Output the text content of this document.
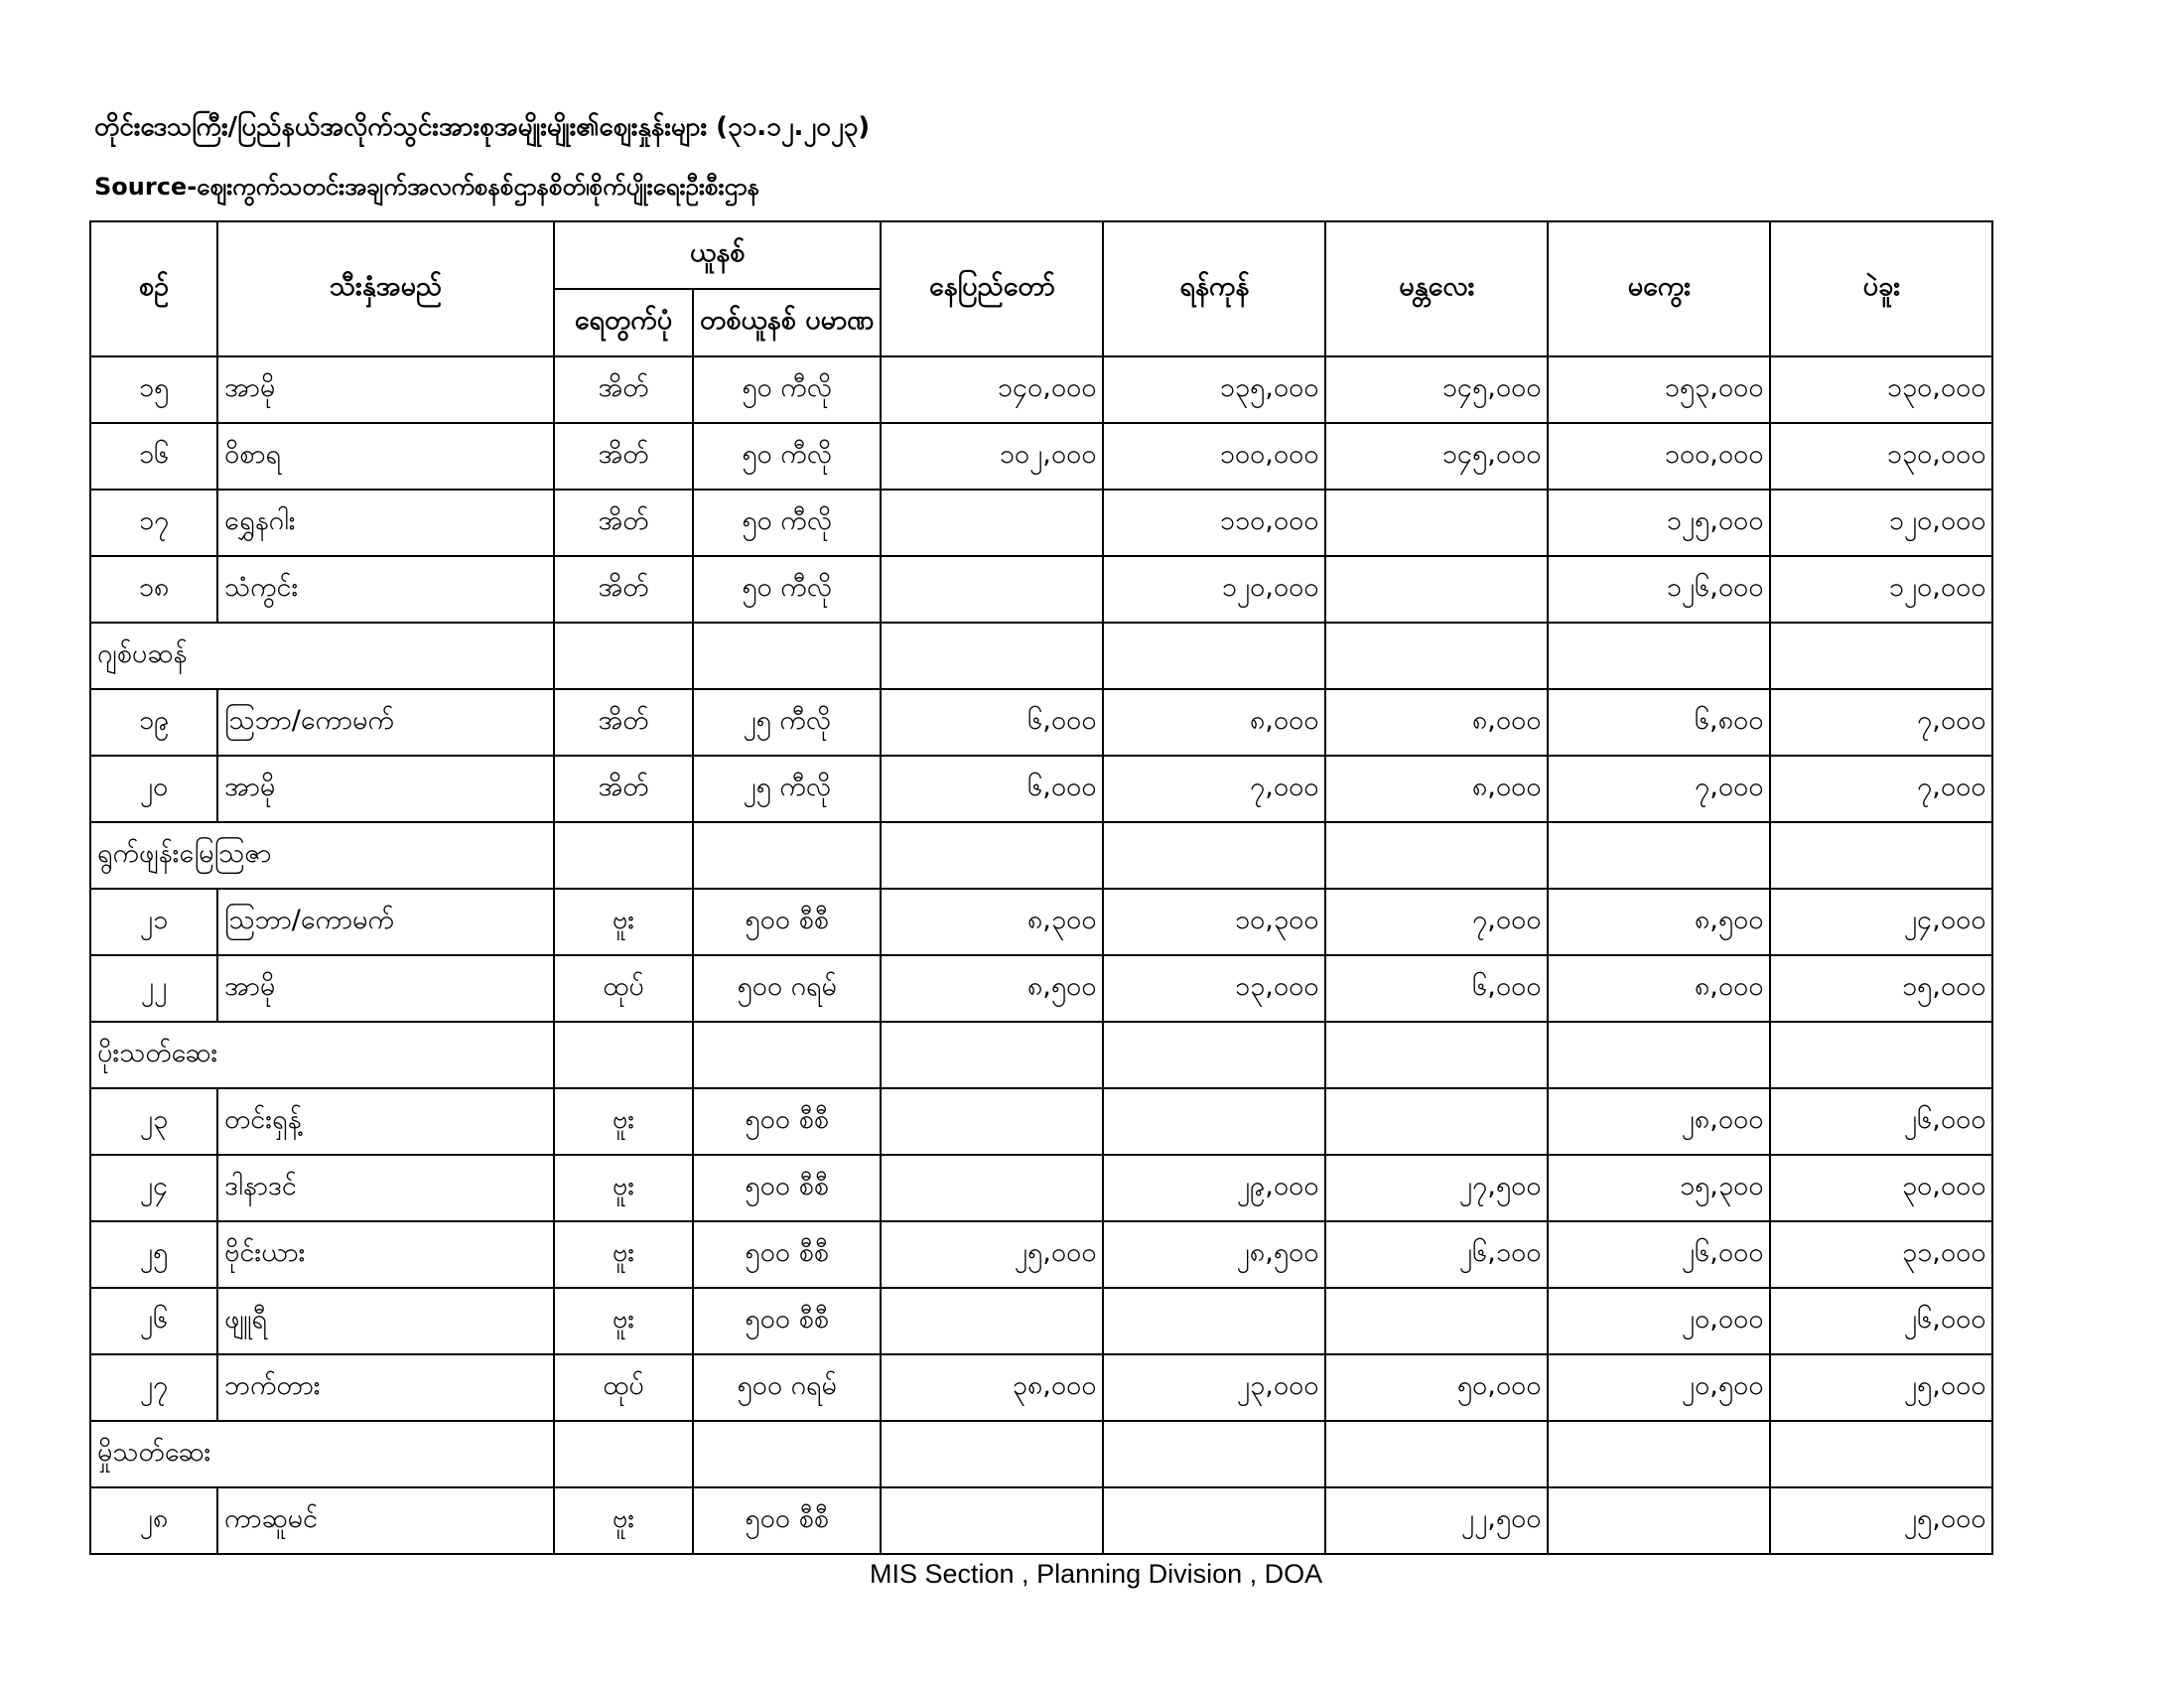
တိုင်းဒေသကြီး/ပြည်နယ်အလိုက်သွင်းအားစုအမျိုးမျိုး၏ဈေးနှုန်းများ (၃၁.၁၂.၂၀၂၃)
Source-ဈေးကွက်သတင်းအချက်အလက်စနစ်ဌာနစိတ်၊စိုက်ပျိုးရေးဦးစီးဌာန
စဉ်	သီးနှံအမည်	ယူနစ်		နေပြည်တော်	ရန်ကုန်	မန္တလေး	မကွေး	ပဲခူး
		ရေတွက်ပုံ	တစ်ယူနစ် ပမာဏ					
၁၅	အာမို	အိတ်	၅၀ ကီလို	၁၄၀,၀၀၀	၁၃၅,၀၀၀	၁၄၅,၀၀၀	၁၅၃,၀၀၀	၁၃၀,၀၀၀
၁၆	ဝိစာရ	အိတ်	၅၀ ကီလို	၁၀၂,၀၀၀	၁၀၀,၀၀၀	၁၄၅,၀၀၀	၁၀၀,၀၀၀	၁၃၀,၀၀၀
၁၇	ရွှေနဂါး	အိတ်	၅၀ ကီလို		၁၁၀,၀၀၀		၁၂၅,၀၀၀	၁၂၀,၀၀၀
၁၈	သံကွင်း	အိတ်	၅၀ ကီလို		၁၂၀,၀၀၀		၁၂၆,၀၀၀	၁၂၀,၀၀၀
ဂျစ်ပဆန်								
၁၉	သြဘာ/ကောမက်	အိတ်	၂၅ ကီလို	၆,၀၀၀	၈,၀၀၀	၈,၀၀၀	၆,၈၀၀	၇,၀၀၀
၂၀	အာမို	အိတ်	၂၅ ကီလို	၆,၀၀၀	၇,၀၀၀	၈,၀၀၀	၇,၀၀၀	၇,၀၀၀
ရွက်ဖျန်းမြေဩဇာ								
၂၁	သြဘာ/ကောမက်	ဗူး	၅၀၀ စီစီ	၈,၃၀၀	၁၀,၃၀၀	၇,၀၀၀	၈,၅၀၀	၂၄,၀၀၀
၂၂	အာမို	ထုပ်	၅၀၀ ဂရမ်	၈,၅၀၀	၁၃,၀၀၀	၆,၀၀၀	၈,၀၀၀	၁၅,၀၀၀
ပိုးသတ်ဆေး								
၂၃	တင်းရှန့်	ဗူး	၅၀၀ စီစီ				၂၈,၀၀၀	၂၆,၀၀၀
၂၄	ဒါနာဒင်	ဗူး	၅၀၀ စီစီ		၂၉,၀၀၀	၂၇,၅၀၀	၁၅,၃၀၀	၃၀,၀၀၀
၂၅	ဗိုင်းယား	ဗူး	၅၀၀ စီစီ	၂၅,၀၀၀	၂၈,၅၀၀	၂၆,၁၀၀	၂၆,၀၀၀	၃၁,၀၀၀
၂၆	ဖျူရီ	ဗူး	၅၀၀ စီစီ				၂၀,၀၀၀	၂၆,၀၀၀
၂၇	ဘက်တား	ထုပ်	၅၀၀ ဂရမ်	၃၈,၀၀၀	၂၃,၀၀၀	၅၀,၀၀၀	၂၀,၅၀၀	၂၅,၀၀၀
မှိုသတ်ဆေး								
၂၈	ကာဆူမင်	ဗူး	၅၀၀ စီစီ			၂၂,၅၀၀		၂၅,၀၀၀
MIS Section , Planning Division , DOA
